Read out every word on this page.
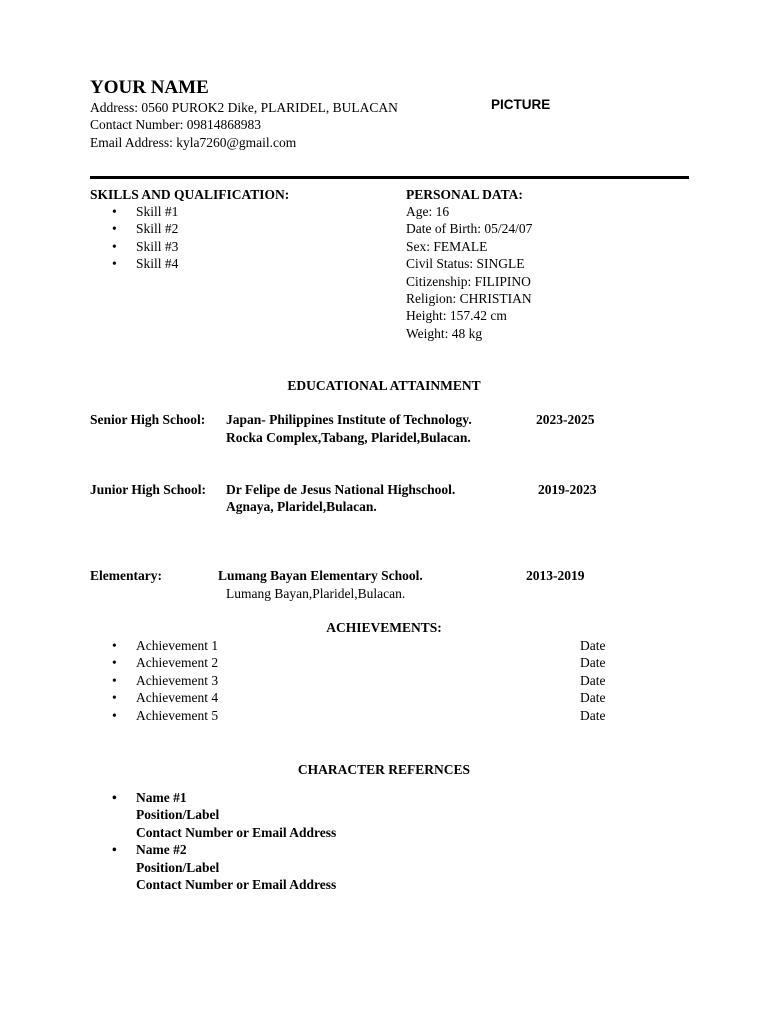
YOUR NAME
Address: 0560 PUROK2 Dike, PLARIDEL, BULACAN
Contact Number: 09814868983
Email Address: kyla7260@gmail.com
PICTURE
SKILLS AND QUALIFICATION:
• Skill #1
• Skill #2
• Skill #3
• Skill #4
PERSONAL DATA:
Age: 16
Date of Birth: 05/24/07
Sex: FEMALE
Civil Status: SINGLE
Citizenship: FILIPINO
Religion: CHRISTIAN
Height: 157.42 cm
Weight: 48 kg
EDUCATIONAL ATTAINMENT
Senior High School: Japan- Philippines Institute of Technology.	2023-2025
Rocka Complex,Tabang, Plaridel,Bulacan.
Junior High School: Dr Felipe de Jesus National Highschool.	2019-2023
Agnaya, Plaridel,Bulacan.
Elementary:	Lumang Bayan Elementary School.	2013-2019
Lumang Bayan,Plaridel,Bulacan.
ACHIEVEMENTS:
• Achievement 1	Date
• Achievement 2	Date
• Achievement 3	Date
• Achievement 4	Date
• Achievement 5	Date
CHARACTER REFERNCES
• Name #1
Position/Label
Contact Number or Email Address
• Name #2
Position/Label
Contact Number or Email Address
